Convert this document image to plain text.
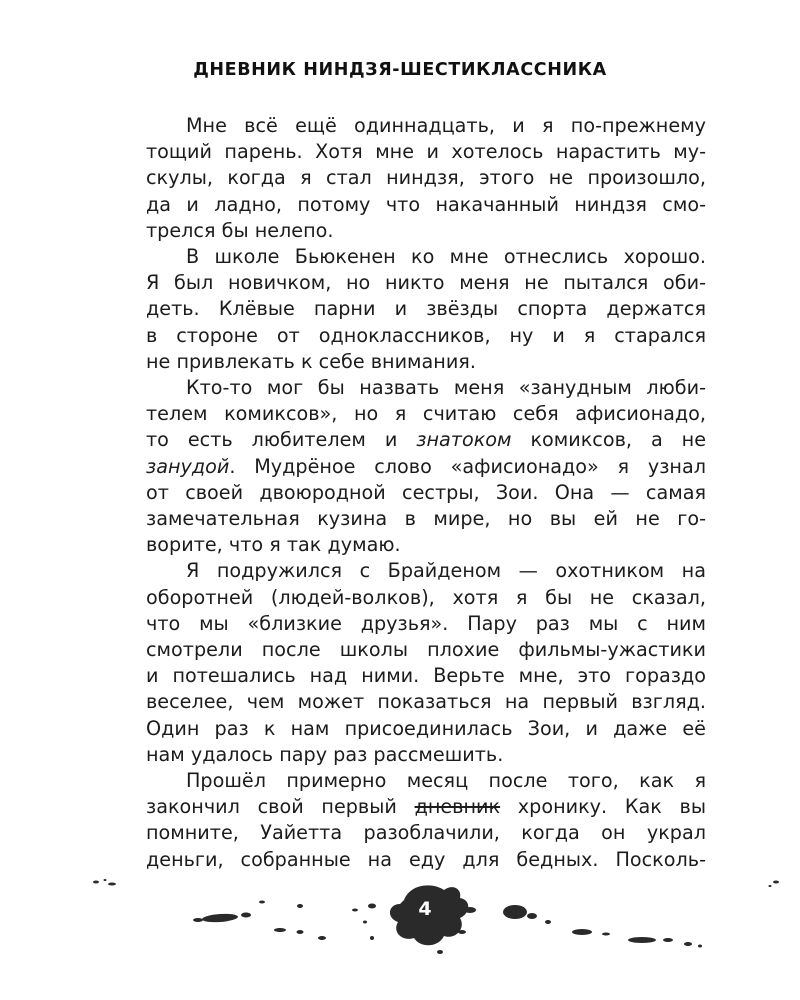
ДНЕВНИК НИНДЗЯ-ШЕСТИКЛАССНИКА
Мне всё ещё одиннадцать, и я по-прежнему
тощий парень. Хотя мне и хотелось нарастить му-
скулы, когда я стал ниндзя, этого не произошло,
да и ладно, потому что накачанный ниндзя смо-
трелся бы нелепо.
В школе Бьюкенен ко мне отнеслись хорошо.
Я был новичком, но никто меня не пытался оби-
деть. Клёвые парни и звёзды спорта держатся
в стороне от одноклассников, ну и я старался
не привлекать к себе внимания.
Кто-то мог бы назвать меня «занудным люби-
телем комиксов», но я считаю себя афисионадо,
то есть любителем и знатоком комиксов, а не
занудой. Мудрёное слово «афисионадо» я узнал
от своей двоюродной сестры, Зои. Она — самая
замечательная кузина в мире, но вы ей не го-
ворите, что я так думаю.
Я подружился с Брайденом — охотником на
оборотней (людей-волков), хотя я бы не сказал,
что мы «близкие друзья». Пару раз мы с ним
смотрели после школы плохие фильмы-ужастики
и потешались над ними. Верьте мне, это гораздо
веселее, чем может показаться на первый взгляд.
Один раз к нам присоединилась Зои, и даже её
нам удалось пару раз рассмешить.
Прошёл примерно месяц после того, как я
закончил свой первый дневник хронику. Как вы
помните, Уайетта разоблачили, когда он украл
деньги, собранные на еду для бедных. Посколь-
4
